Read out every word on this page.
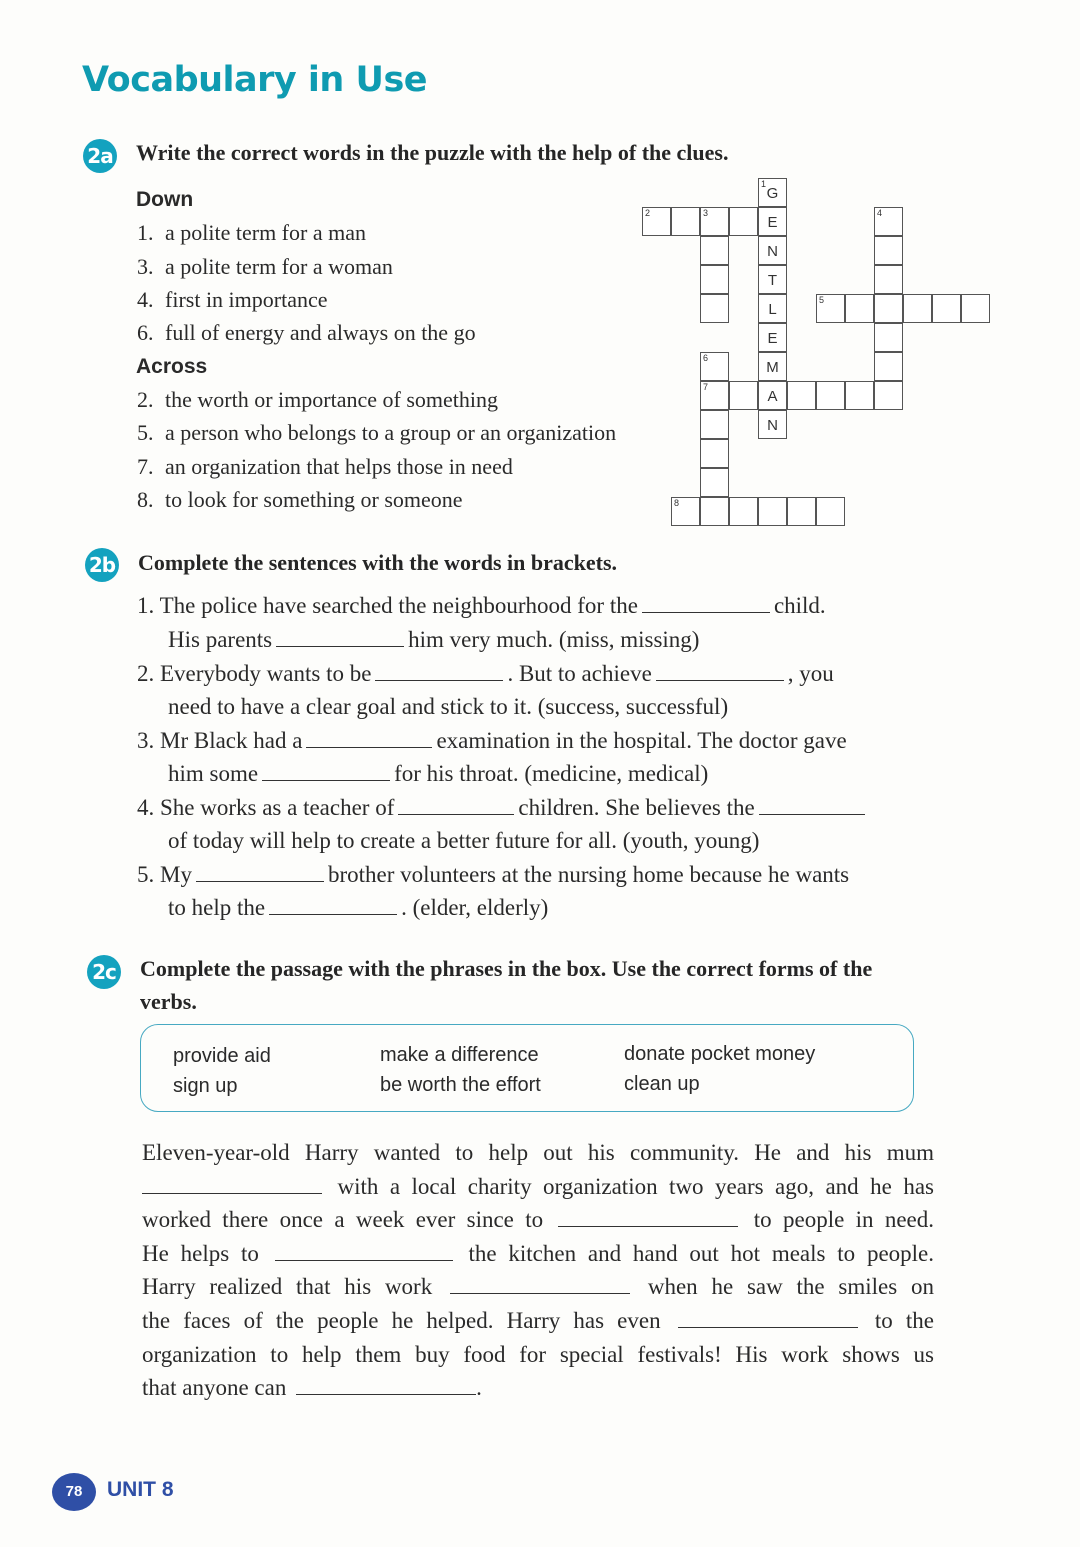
Vocabulary in Use
2a Write the correct words in the puzzle with the help of the clues.

Down
1. a polite term for a man
3. a polite term for a woman
4. first in importance
6. full of energy and always on the go
Across
2. the worth or importance of something
5. a person who belongs to a group or an organization
7. an organization that helps those in need
8. to look for something or someone
1
G
E
N
T
L
E
M
A
N
2	3	4
5
6
7
8
2b Complete the sentences with the words in brackets.

1. The police have searched the neighbourhood for the	child.
His parents	him very much. (miss, missing)
2. Everybody wants to be	. But to achieve	, you
need to have a clear goal and stick to it. (success, successful)
3. Mr Black had a	examination in the hospital. The doctor gave
him some	for his throat. (medicine, medical)
4. She works as a teacher of	children. She believes the
of today will help to create a better future for all. (youth, young)
5. My	brother volunteers at the nursing home because he wants
to help the	. (elder, elderly)
2c Complete the passage with the phrases in the box. Use the correct forms of the

verbs.

provide aid
sign up
make a difference
be worth the effort
donate pocket money
clean up
Eleven-year-old Harry wanted to help out his community. He and his mum
with a local charity organization two years ago, and he has
worked there once a week ever since to	to people in need.
He helps to	the kitchen and hand out hot meals to people.
Harry realized that his work	when he saw the smiles on
the faces of the people he helped. Harry has even	to the
organization to help them buy food for special festivals! His work shows us
that anyone can	.
78	UNIT 8
